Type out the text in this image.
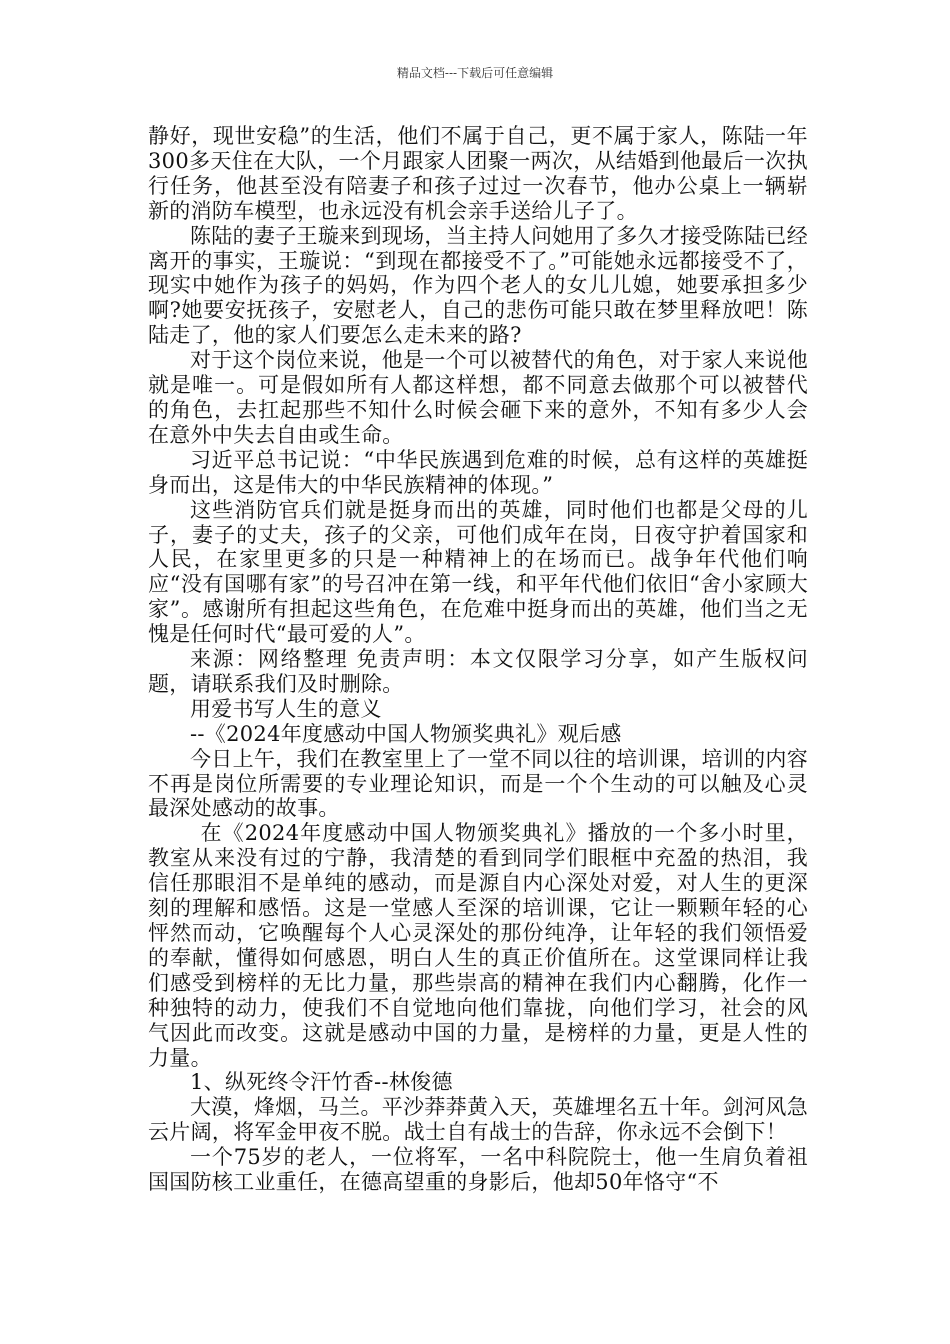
精品文档---下载后可任意编辑

静好，现世安稳”的生活，他们不属于自己，更不属于家人，陈陆一年300多天住在大队，一个月跟家人团聚一两次，从结婚到他最后一次执行任务，他甚至没有陪妻子和孩子过过一次春节，他办公桌上一辆崭新的消防车模型，也永远没有机会亲手送给儿子了。

陈陆的妻子王璇来到现场，当主持人问她用了多久才接受陈陆已经离开的事实，王璇说：“到现在都接受不了。”可能她永远都接受不了，现实中她作为孩子的妈妈，作为四个老人的女儿儿媳，她要承担多少啊?她要安抚孩子，安慰老人，自己的悲伤可能只敢在梦里释放吧！陈陆走了，他的家人们要怎么走未来的路?

对于这个岗位来说，他是一个可以被替代的角色，对于家人来说他就是唯一。可是假如所有人都这样想，都不同意去做那个可以被替代的角色，去扛起那些不知什么时候会砸下来的意外，不知有多少人会在意外中失去自由或生命。

习近平总书记说：“中华民族遇到危难的时候，总有这样的英雄挺身而出，这是伟大的中华民族精神的体现。”

这些消防官兵们就是挺身而出的英雄，同时他们也都是父母的儿子，妻子的丈夫，孩子的父亲，可他们成年在岗，日夜守护着国家和人民，在家里更多的只是一种精神上的在场而已。战争年代他们响应“没有国哪有家”的号召冲在第一线，和平年代他们依旧“舍小家顾大家”。感谢所有担起这些角色，在危难中挺身而出的英雄，他们当之无愧是任何时代“最可爱的人”。

来源：网络整理 免责声明：本文仅限学习分享，如产生版权问题，请联系我们及时删除。

用爱书写人生的意义

--《2024年度感动中国人物颁奖典礼》观后感

今日上午，我们在教室里上了一堂不同以往的培训课，培训的内容不再是岗位所需要的专业理论知识，而是一个个生动的可以触及心灵最深处感动的故事。

在《2024年度感动中国人物颁奖典礼》播放的一个多小时里，教室从来没有过的宁静，我清楚的看到同学们眼框中充盈的热泪，我信任那眼泪不是单纯的感动，而是源自内心深处对爱，对人生的更深刻的理解和感悟。这是一堂感人至深的培训课，它让一颗颗年轻的心怦然而动，它唤醒每个人心灵深处的那份纯净，让年轻的我们领悟爱的奉献，懂得如何感恩，明白人生的真正价值所在。这堂课同样让我们感受到榜样的无比力量，那些崇高的精神在我们内心翻腾，化作一种独特的动力，使我们不自觉地向他们靠拢，向他们学习，社会的风气因此而改变。这就是感动中国的力量，是榜样的力量，更是人性的力量。

1、纵死终令汗竹香--林俊德

大漠，烽烟，马兰。平沙莽莽黄入天，英雄埋名五十年。剑河风急云片阔，将军金甲夜不脱。战士自有战士的告辞，你永远不会倒下！

一个75岁的老人，一位将军，一名中科院院士，他一生肩负着祖国国防核工业重任，在德高望重的身影后，他却50年恪守“不
